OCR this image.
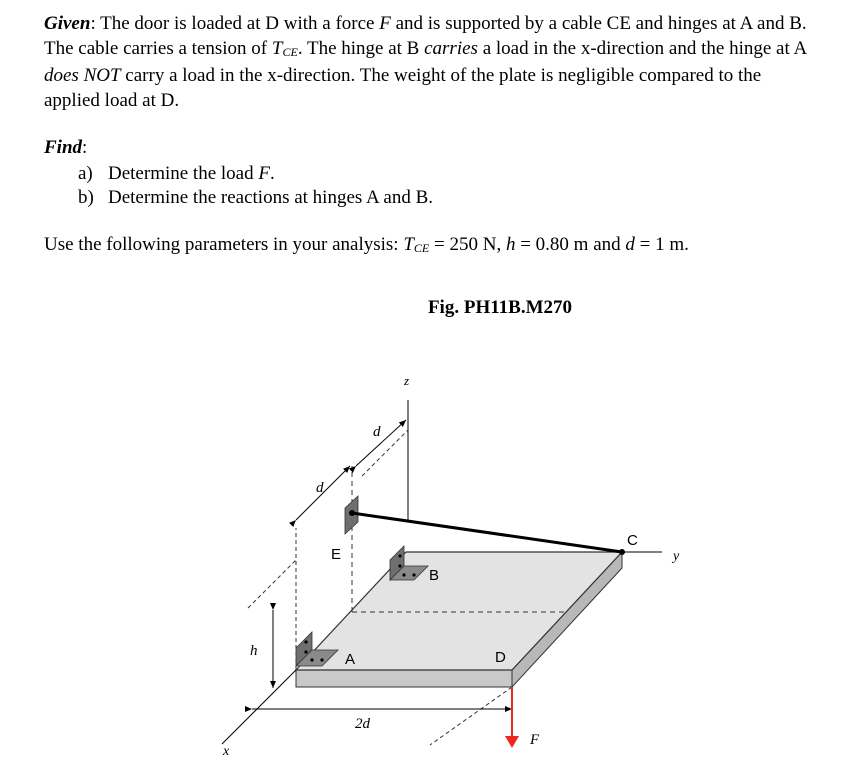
Given: The door is loaded at D with a force F and is supported by a cable CE and hinges at A and B. The cable carries a tension of $T_{CE}$. The hinge at B carries a load in the x-direction and the hinge at A does NOT carry a load in the x-direction. The weight of the plate is negligible compared to the applied load at D.
Find:
a) Determine the load F.
b) Determine the reactions at hinges A and B.
Use the following parameters in your analysis: $T_{CE} = 250$ N, h = 0.80 m and d = 1 m.
Fig. PH11B.M270
z
y
x
A
B
C
D
E
F
h
d
d
2d
